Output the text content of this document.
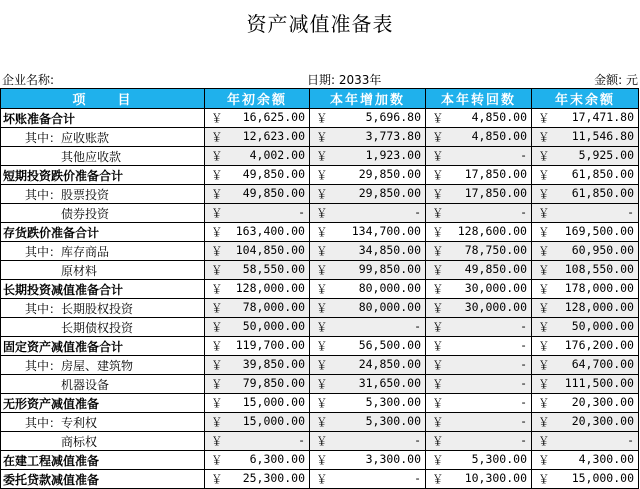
资产减值准备表
企业名称:	日期: 2033年	金额: 元
项　　目	年初余额	本年增加数	本年转回数	年末余额
坏账准备合计	￥ 16,625.00	￥ 5,696.80	￥ 4,850.00	￥ 17,471.80

其中：应收账款	￥ 12,623.00	￥ 3,773.80	￥ 4,850.00	￥ 11,546.80

其他应收款	￥ 4,002.00	￥ 1,923.00	￥ -	￥ 5,925.00

短期投资跌价准备合计	￥ 49,850.00	￥ 29,850.00	￥ 17,850.00	￥ 61,850.00

其中：股票投资	￥ 49,850.00	￥ 29,850.00	￥ 17,850.00	￥ 61,850.00

债券投资	￥ -	￥ -	￥ -	￥ -

存货跌价准备合计	￥ 163,400.00	￥ 134,700.00	￥ 128,600.00	￥ 169,500.00

其中：库存商品	￥ 104,850.00	￥ 34,850.00	￥ 78,750.00	￥ 60,950.00

原材料	￥ 58,550.00	￥ 99,850.00	￥ 49,850.00	￥ 108,550.00

长期投资减值准备合计	￥ 128,000.00	￥ 80,000.00	￥ 30,000.00	￥ 178,000.00

其中：长期股权投资	￥ 78,000.00	￥ 80,000.00	￥ 30,000.00	￥ 128,000.00

长期债权投资	￥ 50,000.00	￥ -	￥ -	￥ 50,000.00

固定资产减值准备合计	￥ 119,700.00	￥ 56,500.00	￥ -	￥ 176,200.00

其中：房屋、建筑物	￥ 39,850.00	￥ 24,850.00	￥ -	￥ 64,700.00

机器设备	￥ 79,850.00	￥ 31,650.00	￥ -	￥ 111,500.00

无形资产减值准备	￥ 15,000.00	￥ 5,300.00	￥ -	￥ 20,300.00

其中：专利权	￥ 15,000.00	￥ 5,300.00	￥ -	￥ 20,300.00

商标权	￥ -	￥ -	￥ -	￥ -

在建工程减值准备	￥ 6,300.00	￥ 3,300.00	￥ 5,300.00	￥ 4,300.00

委托贷款减值准备	￥ 25,300.00	￥ -	￥ 10,300.00	￥ 15,000.00
